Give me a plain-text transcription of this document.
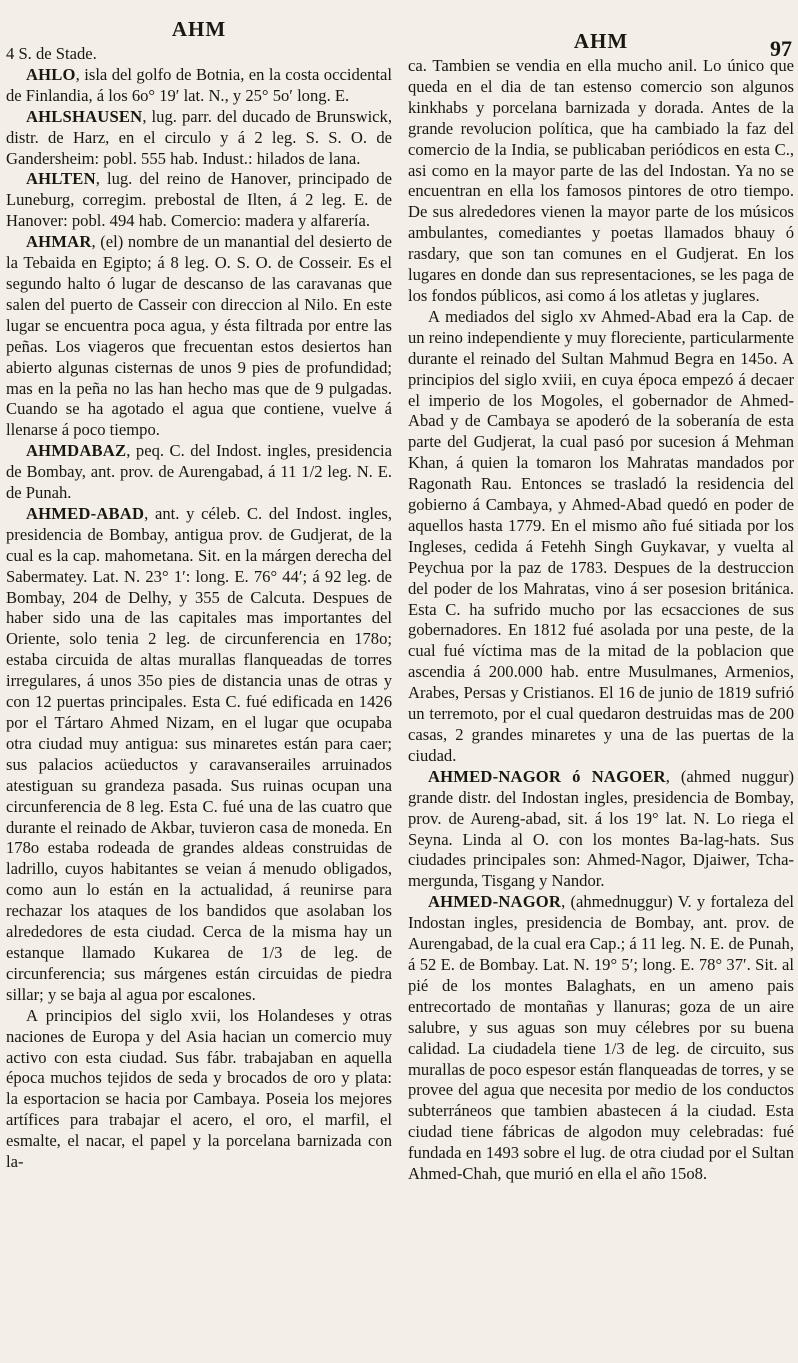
AHM

4 S. de Stade.

AHLO, isla del golfo de Botnia, en la costa occidental de Finlandia, á los 6o° 19′ lat. N., y 25° 5o′ long. E.

AHLSHAUSEN, lug. parr. del ducado de Brunswick, distr. de Harz, en el circulo y á 2 leg. S. S. O. de Gandersheim: pobl. 555 hab. Indust.: hilados de lana.

AHLTEN, lug. del reino de Hanover, principado de Luneburg, corregim. prebostal de Ilten, á 2 leg. E. de Hanover: pobl. 494 hab. Comercio: madera y alfarería.

AHMAR, (el) nombre de un manantial del desierto de la Tebaida en Egipto; á 8 leg. O. S. O. de Cosseir. Es el segundo halto ó lugar de descanso de las caravanas que salen del puerto de Casseir con direccion al Nilo. En este lugar se encuentra poca agua, y ésta filtrada por entre las peñas. Los viageros que frecuentan estos desiertos han abierto algunas cisternas de unos 9 pies de profundidad; mas en la peña no las han hecho mas que de 9 pulgadas. Cuando se ha agotado el agua que contiene, vuelve á llenarse á poco tiempo.

AHMDABAZ, peq. C. del Indost. ingles, presidencia de Bombay, ant. prov. de Aurengabad, á 11 1/2 leg. N. E. de Punah.

AHMED-ABAD, ant. y céleb. C. del Indost. ingles, presidencia de Bombay, antigua prov. de Gudjerat, de la cual es la cap. mahometana. Sit. en la márgen derecha del Sabermatey. Lat. N. 23° 1′: long. E. 76° 44′; á 92 leg. de Bombay, 204 de Delhy, y 355 de Calcuta. Despues de haber sido una de las capitales mas importantes del Oriente, solo tenia 2 leg. de circunferencia en 178o; estaba circuida de altas murallas flanqueadas de torres irregulares, á unos 35o pies de distancia unas de otras y con 12 puertas principales. Esta C. fué edificada en 1426 por el Tártaro Ahmed Nizam, en el lugar que ocupaba otra ciudad muy antigua: sus minaretes están para caer; sus palacios acüeductos y caravanserailes arruinados atestiguan su grandeza pasada. Sus ruinas ocupan una circunferencia de 8 leg. Esta C. fué una de las cuatro que durante el reinado de Akbar, tuvieron casa de moneda. En 178o estaba rodeada de grandes aldeas construidas de ladrillo, cuyos habitantes se veian á menudo obligados, como aun lo están en la actualidad, á reunirse para rechazar los ataques de los bandidos que asolaban los alrededores de esta ciudad. Cerca de la misma hay un estanque llamado Kukarea de 1/3 de leg. de circunferencia; sus márgenes están circuidas de piedra sillar; y se baja al agua por escalones.

A principios del siglo xvii, los Holandeses y otras naciones de Europa y del Asia hacian un comercio muy activo con esta ciudad. Sus fábr. trabajaban en aquella época muchos tejidos de seda y brocados de oro y plata: la esportacion se hacia por Cambaya. Poseia los mejores artífices para trabajar el acero, el oro, el marfil, el esmalte, el nacar, el papel y la porcelana barnizada con la-

AHM

ca. Tambien se vendia en ella mucho anil. Lo único que queda en el dia de tan estenso comercio son algunos kinkhabs y porcelana barnizada y dorada. Antes de la grande revolucion política, que ha cambiado la faz del comercio de la India, se publicaban periódicos en esta C., asi como en la mayor parte de las del Indostan. Ya no se encuentran en ella los famosos pintores de otro tiempo. De sus alrededores vienen la mayor parte de los músicos ambulantes, comediantes y poetas llamados bhauy ó rasdary, que son tan comunes en el Gudjerat. En los lugares en donde dan sus representaciones, se les paga de los fondos públicos, asi como á los atletas y juglares.

A mediados del siglo xv Ahmed-Abad era la Cap. de un reino independiente y muy floreciente, particularmente durante el reinado del Sultan Mahmud Begra en 145o. A principios del siglo xviii, en cuya época empezó á decaer el imperio de los Mogoles, el gobernador de Ahmed-Abad y de Cambaya se apoderó de la soberanía de esta parte del Gudjerat, la cual pasó por sucesion á Mehman Khan, á quien la tomaron los Mahratas mandados por Ragonath Rau. Entonces se trasladó la residencia del gobierno á Cambaya, y Ahmed-Abad quedó en poder de aquellos hasta 1779. En el mismo año fué sitiada por los Ingleses, cedida á Fetehh Singh Guykavar, y vuelta al Peychua por la paz de 1783. Despues de la destruccion del poder de los Mahratas, vino á ser posesion británica. Esta C. ha sufrido mucho por las ecsacciones de sus gobernadores. En 1812 fué asolada por una peste, de la cual fué víctima mas de la mitad de la poblacion que ascendia á 200.000 hab. entre Musulmanes, Armenios, Arabes, Persas y Cristianos. El 16 de junio de 1819 sufrió un terremoto, por el cual quedaron destruidas mas de 200 casas, 2 grandes minaretes y una de las puertas de la ciudad.

AHMED-NAGOR ó NAGOER, (ahmed nuggur) grande distr. del Indostan ingles, presidencia de Bombay, prov. de Aureng-abad, sit. á los 19° lat. N. Lo riega el Seyna. Linda al O. con los montes Ba-lag-hats. Sus ciudades principales son: Ahmed-Nagor, Djaiwer, Tcha-mergunda, Tisgang y Nandor.

AHMED-NAGOR, (ahmednuggur) V. y fortaleza del Indostan ingles, presidencia de Bombay, ant. prov. de Aurengabad, de la cual era Cap.; á 11 leg. N. E. de Punah, á 52 E. de Bombay. Lat. N. 19° 5′; long. E. 78° 37′. Sit. al pié de los montes Balaghats, en un ameno pais entrecortado de montañas y llanuras; goza de un aire salubre, y sus aguas son muy célebres por su buena calidad. La ciudadela tiene 1/3 de leg. de circuito, sus murallas de poco espesor están flanqueadas de torres, y se provee del agua que necesita por medio de los conductos subterráneos que tambien abastecen á la ciudad. Esta ciudad tiene fábricas de algodon muy celebradas: fué fundada en 1493 sobre el lug. de otra ciudad por el Sultan Ahmed-Chah, que murió en ella el año 15o8.

97
